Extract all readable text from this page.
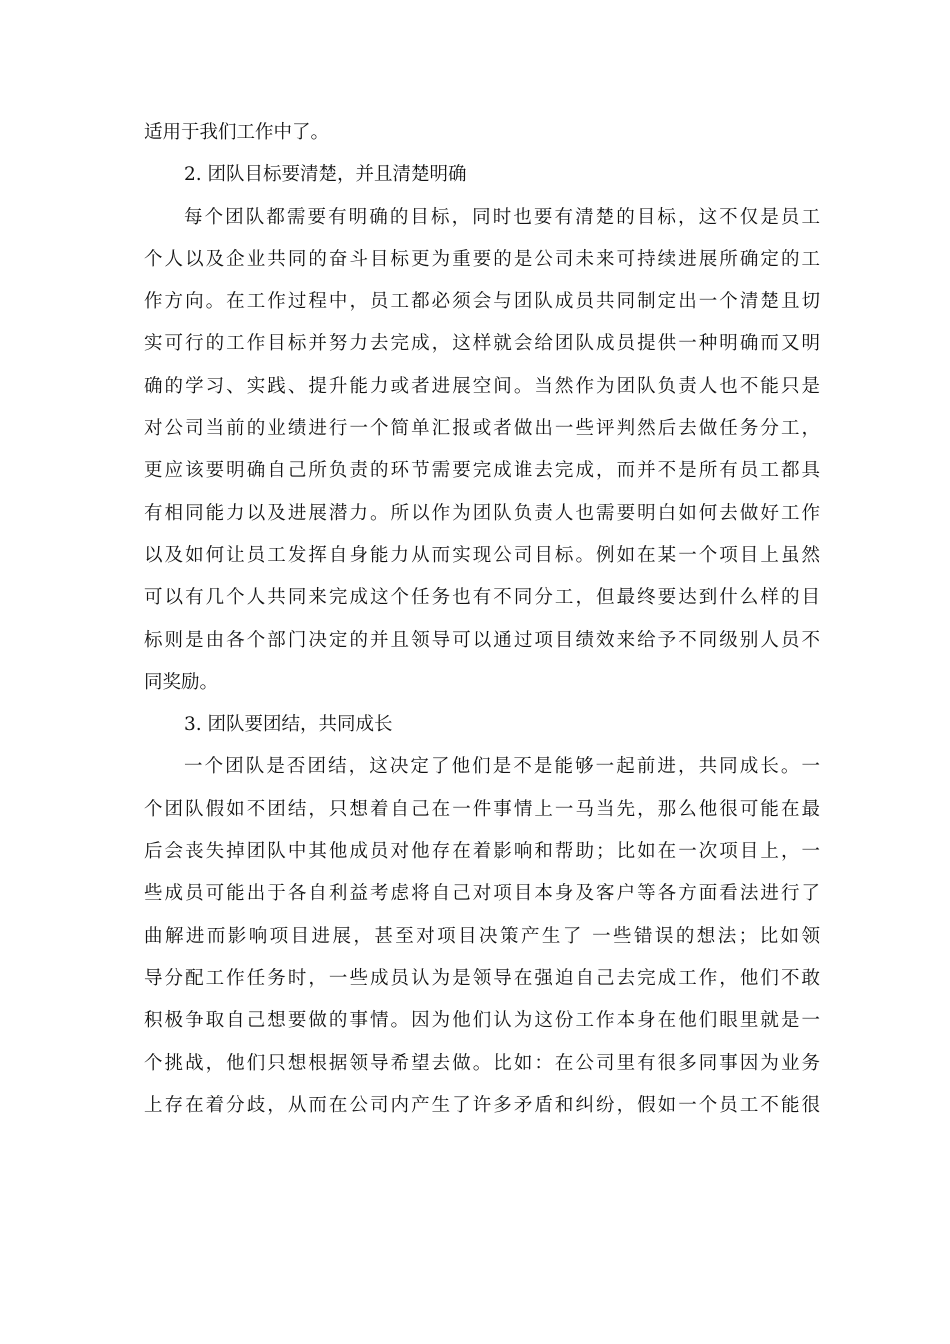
适用于我们工作中了。
2. 团队目标要清楚，并且清楚明确
每个团队都需要有明确的目标，同时也要有清楚的目标，这不仅是员工
个人以及企业共同的奋斗目标更为重要的是公司未来可持续进展所确定的工
作方向。在工作过程中，员工都必须会与团队成员共同制定出一个清楚且切
实可行的工作目标并努力去完成，这样就会给团队成员提供一种明确而又明
确的学习、实践、提升能力或者进展空间。当然作为团队负责人也不能只是
对公司当前的业绩进行一个简单汇报或者做出一些评判然后去做任务分工，
更应该要明确自己所负责的环节需要完成谁去完成，而并不是所有员工都具
有相同能力以及进展潜力。所以作为团队负责人也需要明白如何去做好工作
以及如何让员工发挥自身能力从而实现公司目标。例如在某一个项目上虽然
可以有几个人共同来完成这个任务也有不同分工，但最终要达到什么样的目
标则是由各个部门决定的并且领导可以通过项目绩效来给予不同级别人员不
同奖励。
3. 团队要团结，共同成长
一个团队是否团结，这决定了他们是不是能够一起前进，共同成长。一
个团队假如不团结，只想着自己在一件事情上一马当先，那么他很可能在最
后会丧失掉团队中其他成员对他存在着影响和帮助；比如在一次项目上，一
些成员可能出于各自利益考虑将自己对项目本身及客户等各方面看法进行了
曲解进而影响项目进展，甚至对项目决策产生了 一些错误的想法；比如领
导分配工作任务时，一些成员认为是领导在强迫自己去完成工作，他们不敢
积极争取自己想要做的事情。因为他们认为这份工作本身在他们眼里就是一
个挑战，他们只想根据领导希望去做。比如：在公司里有很多同事因为业务
上存在着分歧，从而在公司内产生了许多矛盾和纠纷，假如一个员工不能很
